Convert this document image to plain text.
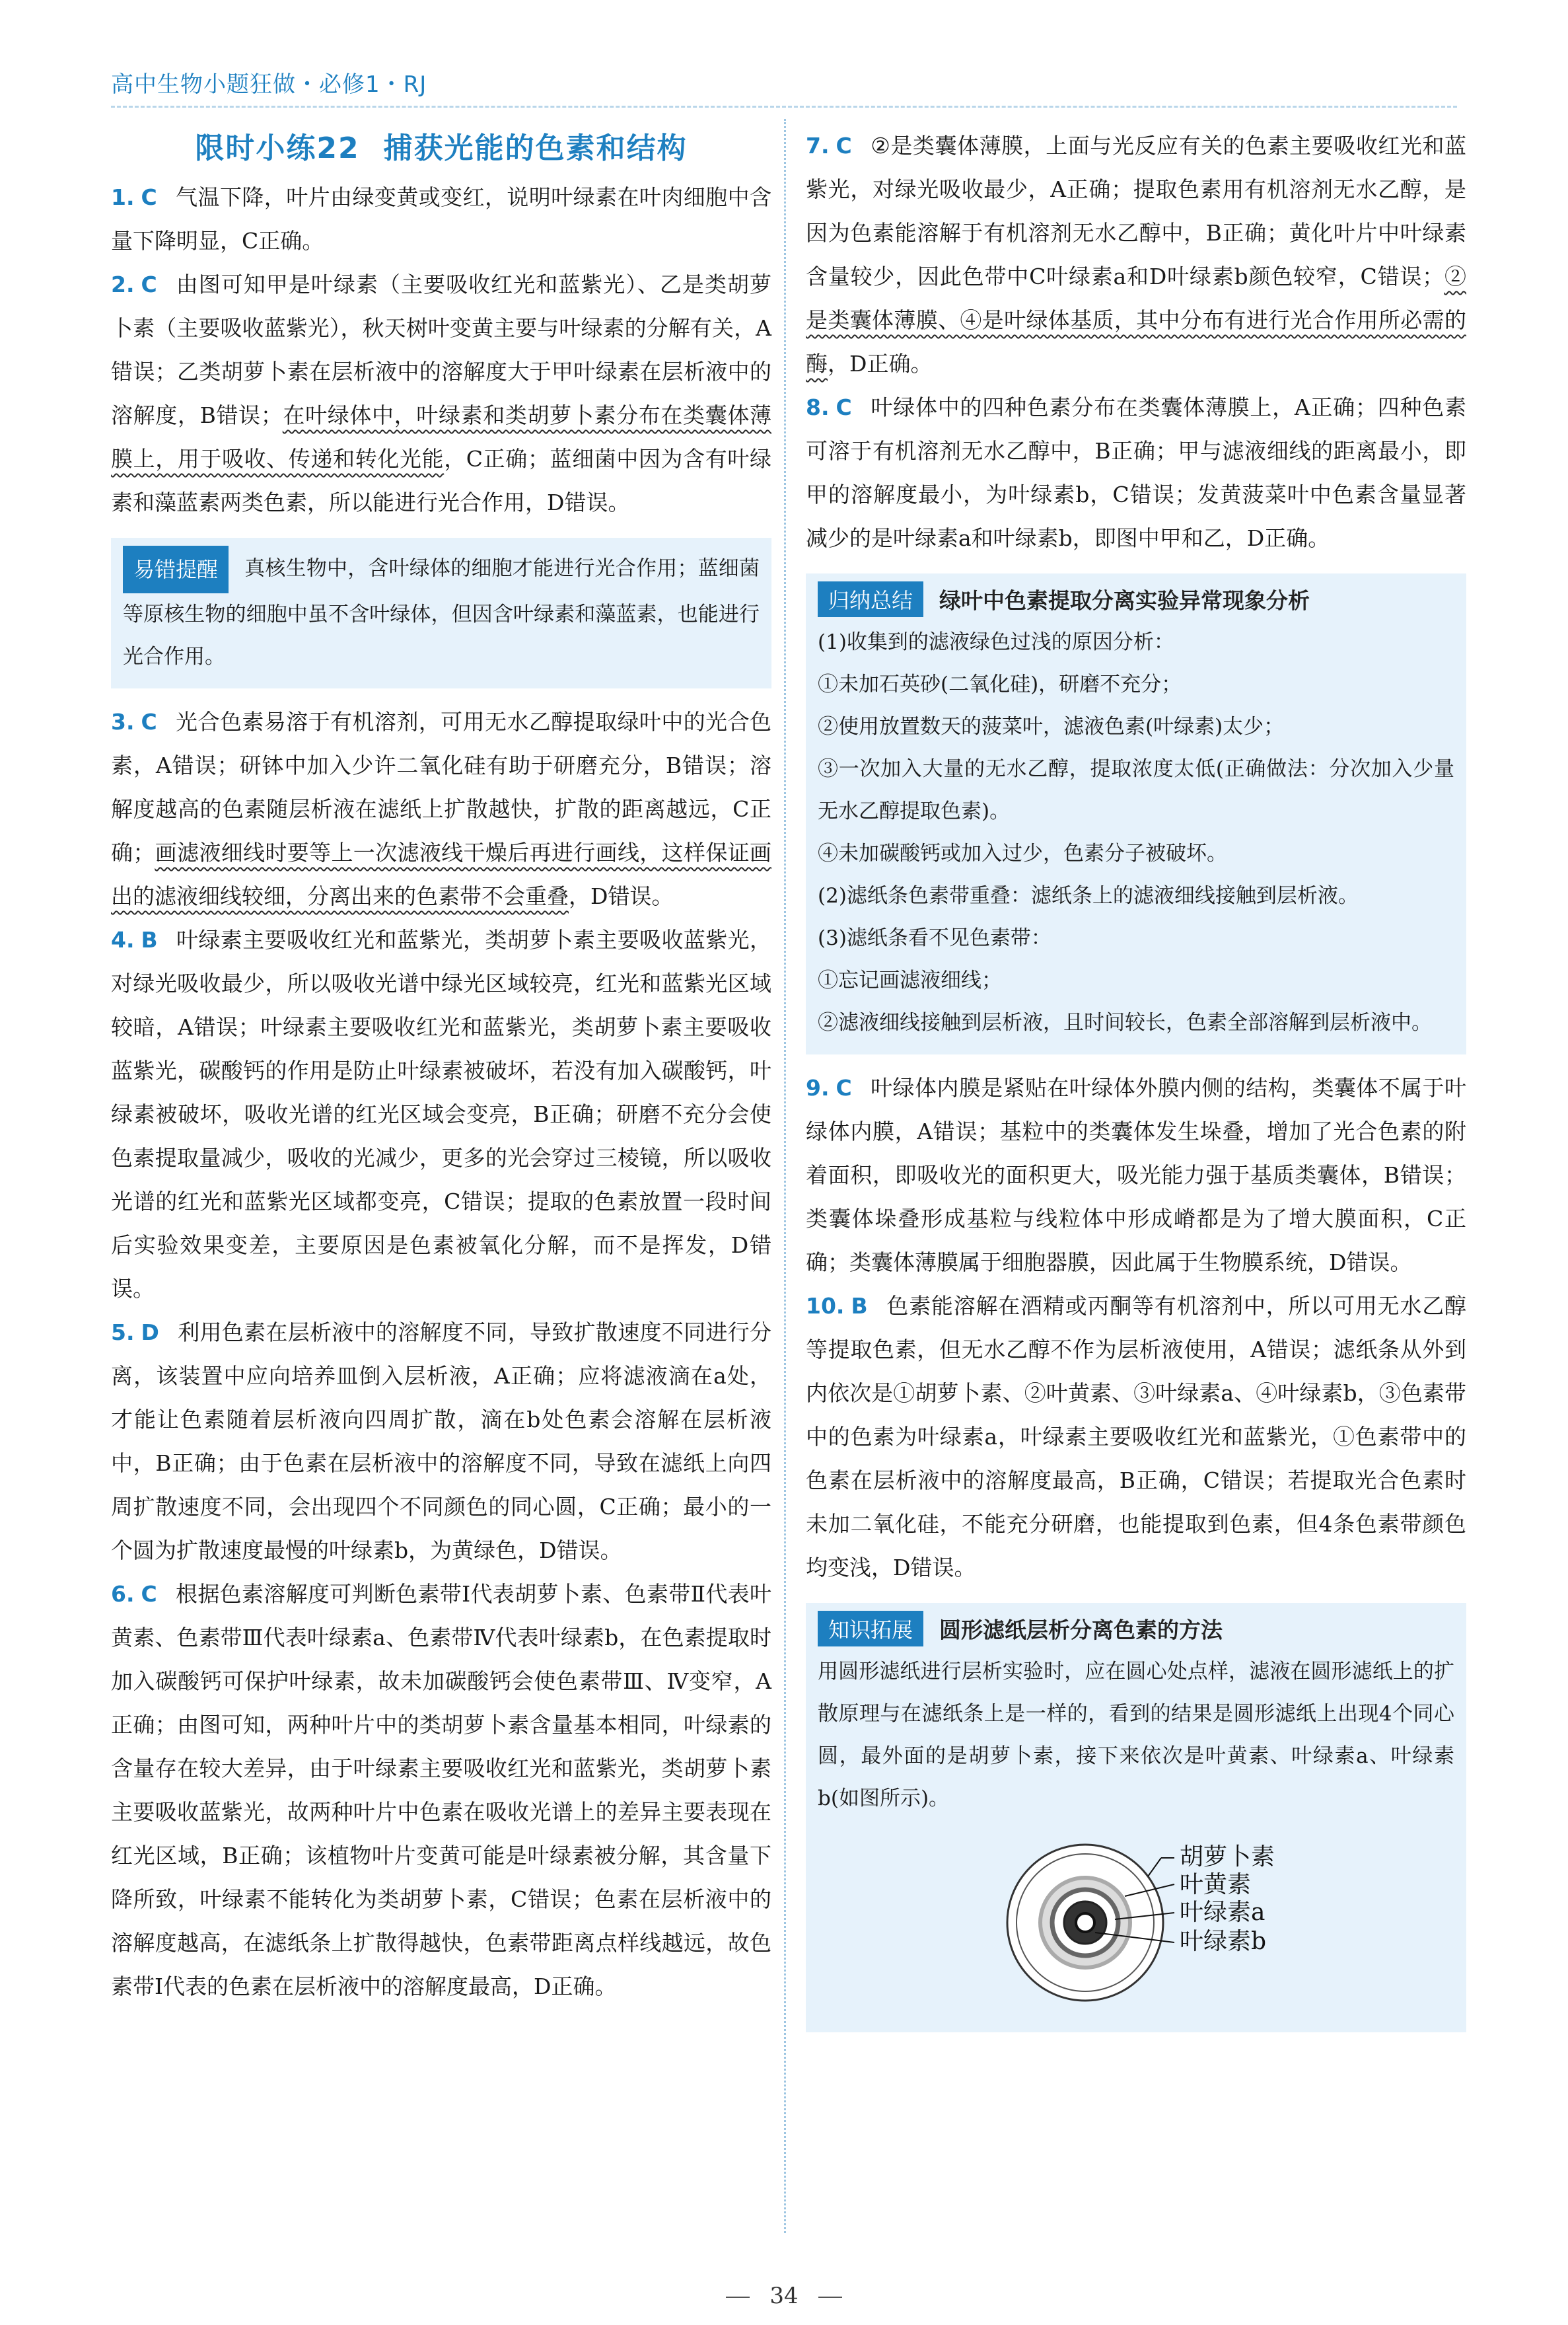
高中生物小题狂做・必修1・RJ
限时小练22 捕获光能的色素和结构

1. C 气温下降，叶片由绿变黄或变红，说明叶绿素在叶肉细胞中含量下降明显，C正确。

2. C 由图可知甲是叶绿素（主要吸收红光和蓝紫光）、乙是类胡萝卜素（主要吸收蓝紫光），秋天树叶变黄主要与叶绿素的分解有关，A错误；乙类胡萝卜素在层析液中的溶解度大于甲叶绿素在层析液中的溶解度，B错误；在叶绿体中，叶绿素和类胡萝卜素分布在类囊体薄膜上，用于吸收、传递和转化光能，C正确；蓝细菌中因为含有叶绿素和藻蓝素两类色素，所以能进行光合作用，D错误。

易错提醒 真核生物中，含叶绿体的细胞才能进行光合作用；蓝细菌等原核生物的细胞中虽不含叶绿体，但因含叶绿素和藻蓝素，也能进行光合作用。

3. C 光合色素易溶于有机溶剂，可用无水乙醇提取绿叶中的光合色素，A错误；研钵中加入少许二氧化硅有助于研磨充分，B错误；溶解度越高的色素随层析液在滤纸上扩散越快，扩散的距离越远，C正确；画滤液细线时要等上一次滤液线干燥后再进行画线，这样保证画出的滤液细线较细，分离出来的色素带不会重叠，D错误。

4. B 叶绿素主要吸收红光和蓝紫光，类胡萝卜素主要吸收蓝紫光，对绿光吸收最少，所以吸收光谱中绿光区域较亮，红光和蓝紫光区域较暗，A错误；叶绿素主要吸收红光和蓝紫光，类胡萝卜素主要吸收蓝紫光，碳酸钙的作用是防止叶绿素被破坏，若没有加入碳酸钙，叶绿素被破坏，吸收光谱的红光区域会变亮，B正确；研磨不充分会使色素提取量减少，吸收的光减少，更多的光会穿过三棱镜，所以吸收光谱的红光和蓝紫光区域都变亮，C错误；提取的色素放置一段时间后实验效果变差，主要原因是色素被氧化分解，而不是挥发，D错误。

5. D 利用色素在层析液中的溶解度不同，导致扩散速度不同进行分离，该装置中应向培养皿倒入层析液，A正确；应将滤液滴在a处，才能让色素随着层析液向四周扩散，滴在b处色素会溶解在层析液中，B正确；由于色素在层析液中的溶解度不同，导致在滤纸上向四周扩散速度不同，会出现四个不同颜色的同心圆，C正确；最小的一个圆为扩散速度最慢的叶绿素b，为黄绿色，D错误。

6. C 根据色素溶解度可判断色素带Ⅰ代表胡萝卜素、色素带Ⅱ代表叶黄素、色素带Ⅲ代表叶绿素a、色素带Ⅳ代表叶绿素b，在色素提取时加入碳酸钙可保护叶绿素，故未加碳酸钙会使色素带Ⅲ、Ⅳ变窄，A正确；由图可知，两种叶片中的类胡萝卜素含量基本相同，叶绿素的含量存在较大差异，由于叶绿素主要吸收红光和蓝紫光，类胡萝卜素主要吸收蓝紫光，故两种叶片中色素在吸收光谱上的差异主要表现在红光区域，B正确；该植物叶片变黄可能是叶绿素被分解，其含量下降所致，叶绿素不能转化为类胡萝卜素，C错误；色素在层析液中的溶解度越高，在滤纸条上扩散得越快，色素带距离点样线越远，故色素带Ⅰ代表的色素在层析液中的溶解度最高，D正确。

7. C ②是类囊体薄膜，上面与光反应有关的色素主要吸收红光和蓝紫光，对绿光吸收最少，A正确；提取色素用有机溶剂无水乙醇，是因为色素能溶解于有机溶剂无水乙醇中，B正确；黄化叶片中叶绿素含量较少，因此色带中C叶绿素a和D叶绿素b颜色较窄，C错误；②是类囊体薄膜、④是叶绿体基质，其中分布有进行光合作用所必需的酶，D正确。

8. C 叶绿体中的四种色素分布在类囊体薄膜上，A正确；四种色素可溶于有机溶剂无水乙醇中，B正确；甲与滤液细线的距离最小，即甲的溶解度最小，为叶绿素b，C错误；发黄菠菜叶中色素含量显著减少的是叶绿素a和叶绿素b，即图中甲和乙，D正确。

归纳总结 绿叶中色素提取分离实验异常现象分析

(1)收集到的滤液绿色过浅的原因分析：

①未加石英砂(二氧化硅)，研磨不充分；

②使用放置数天的菠菜叶，滤液色素(叶绿素)太少；

③一次加入大量的无水乙醇，提取浓度太低(正确做法：分次加入少量无水乙醇提取色素)。

④未加碳酸钙或加入过少，色素分子被破坏。

(2)滤纸条色素带重叠：滤纸条上的滤液细线接触到层析液。

(3)滤纸条看不见色素带：

①忘记画滤液细线；

②滤液细线接触到层析液，且时间较长，色素全部溶解到层析液中。

9. C 叶绿体内膜是紧贴在叶绿体外膜内侧的结构，类囊体不属于叶绿体内膜，A错误；基粒中的类囊体发生垛叠，增加了光合色素的附着面积，即吸收光的面积更大，吸光能力强于基质类囊体，B错误；类囊体垛叠形成基粒与线粒体中形成嵴都是为了增大膜面积，C正确；类囊体薄膜属于细胞器膜，因此属于生物膜系统，D错误。

10. B 色素能溶解在酒精或丙酮等有机溶剂中，所以可用无水乙醇等提取色素，但无水乙醇不作为层析液使用，A错误；滤纸条从外到内依次是①胡萝卜素、②叶黄素、③叶绿素a、④叶绿素b，③色素带中的色素为叶绿素a，叶绿素主要吸收红光和蓝紫光，①色素带中的色素在层析液中的溶解度最高，B正确，C错误；若提取光合色素时未加二氧化硅，不能充分研磨，也能提取到色素，但4条色素带颜色均变浅，D错误。

知识拓展 圆形滤纸层析分离色素的方法
用圆形滤纸进行层析实验时，应在圆心处点样，滤液在圆形滤纸上的扩散原理与在滤纸条上是一样的，看到的结果是圆形滤纸上出现4个同心圆，最外面的是胡萝卜素，接下来依次是叶黄素、叶绿素a、叶绿素b(如图所示)。
胡萝卜素
叶黄素
叶绿素a
叶绿素b
34
